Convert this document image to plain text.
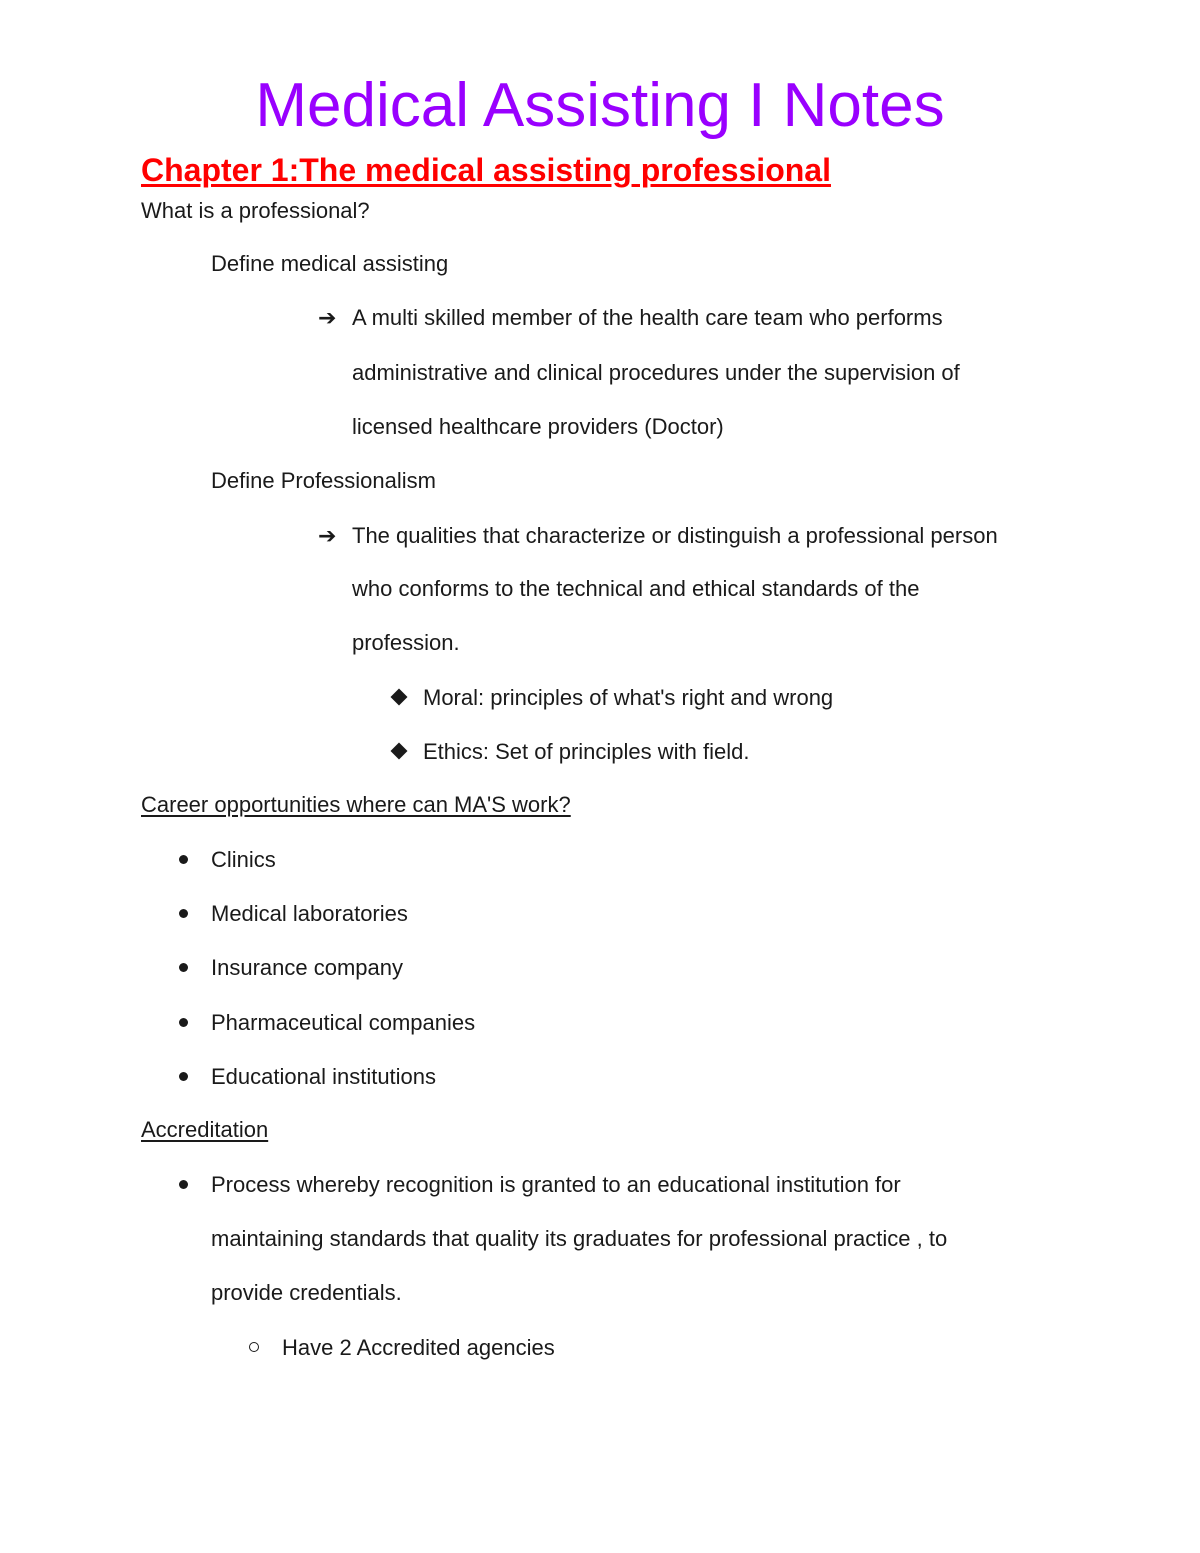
Medical Assisting I Notes
Chapter 1:The medical assisting professional
What is a professional?
Define medical assisting
➔ A multi skilled member of the health care team who performs
administrative and clinical procedures under the supervision of
licensed healthcare providers (Doctor)
Define Professionalism
➔ The qualities that characterize or distinguish a professional person
who conforms to the technical and ethical standards of the
profession.
Moral: principles of what's right and wrong
Ethics: Set of principles with field.
Career opportunities where can MA'S work?
Clinics
Medical laboratories
Insurance company
Pharmaceutical companies
Educational institutions
Accreditation
Process whereby recognition is granted to an educational institution for
maintaining standards that quality its graduates for professional practice , to
provide credentials.
Have 2 Accredited agencies
